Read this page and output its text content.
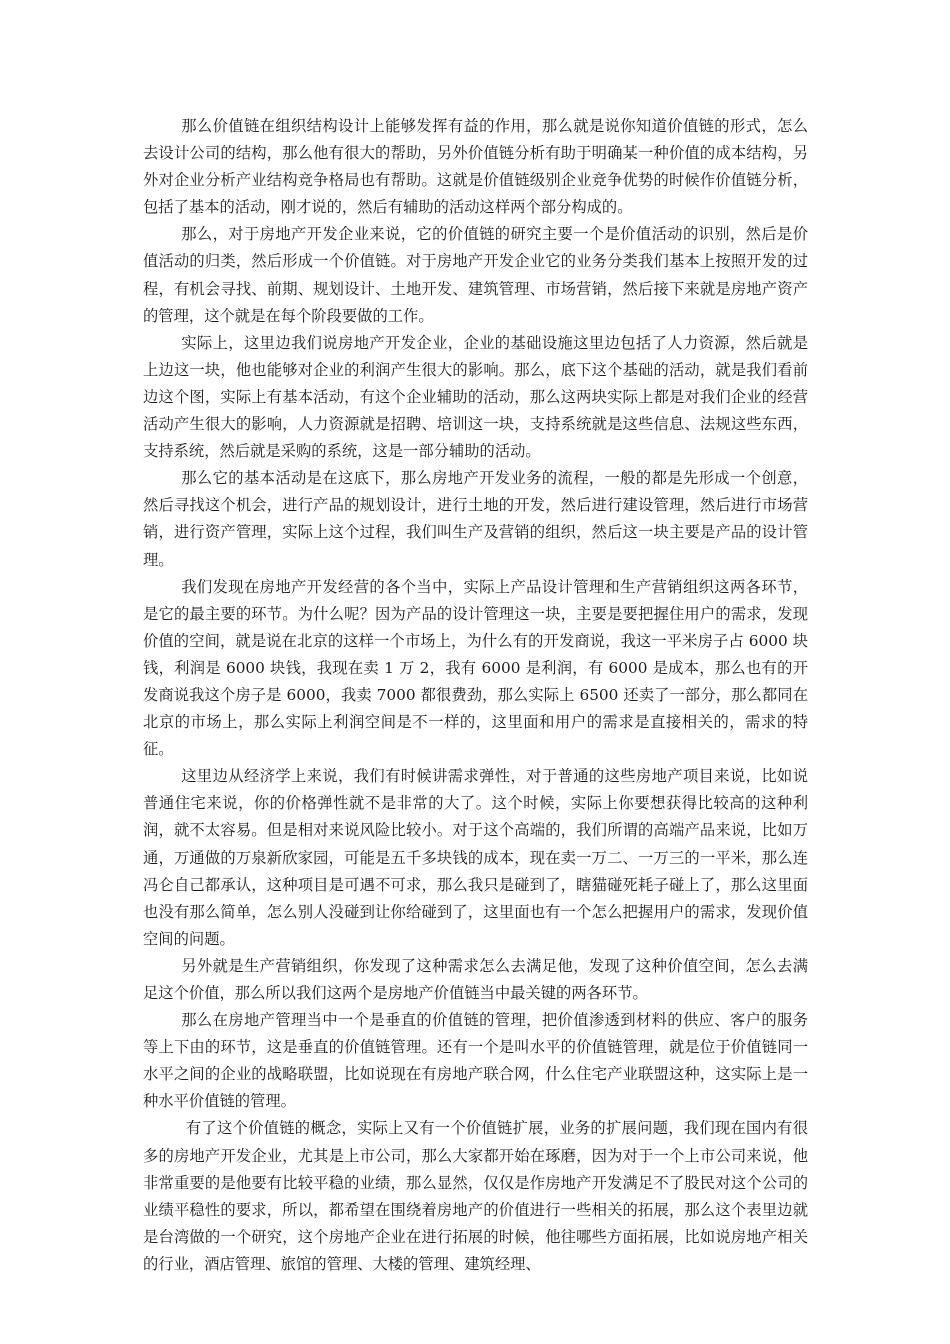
那么价值链在组织结构设计上能够发挥有益的作用，那么就是说你知道价值链的形式，怎么去设计公司的结构，那么他有很大的帮助，另外价值链分析有助于明确某一种价值的成本结构，另外对企业分析产业结构竞争格局也有帮助。这就是价值链级别企业竞争优势的时候作价值链分析，包括了基本的活动，刚才说的，然后有辅助的活动这样两个部分构成的。

那么，对于房地产开发企业来说，它的价值链的研究主要一个是价值活动的识别，然后是价值活动的归类，然后形成一个价值链。对于房地产开发企业它的业务分类我们基本上按照开发的过程，有机会寻找、前期、规划设计、土地开发、建筑管理、市场营销，然后接下来就是房地产资产的管理，这个就是在每个阶段要做的工作。

实际上，这里边我们说房地产开发企业，企业的基础设施这里边包括了人力资源，然后就是上边这一块，他也能够对企业的利润产生很大的影响。那么，底下这个基础的活动，就是我们看前边这个图，实际上有基本活动，有这个企业辅助的活动，那么这两块实际上都是对我们企业的经营活动产生很大的影响，人力资源就是招聘、培训这一块，支持系统就是这些信息、法规这些东西，支持系统，然后就是采购的系统，这是一部分辅助的活动。

那么它的基本活动是在这底下，那么房地产开发业务的流程，一般的都是先形成一个创意，然后寻找这个机会，进行产品的规划设计，进行土地的开发，然后进行建设管理，然后进行市场营销，进行资产管理，实际上这个过程，我们叫生产及营销的组织，然后这一块主要是产品的设计管理。

我们发现在房地产开发经营的各个当中，实际上产品设计管理和生产营销组织这两各环节，是它的最主要的环节。为什么呢？因为产品的设计管理这一块，主要是要把握住用户的需求，发现价值的空间，就是说在北京的这样一个市场上，为什么有的开发商说，我这一平米房子占 6000 块钱，利润是 6000 块钱，我现在卖 1 万 2，我有 6000 是利润，有 6000 是成本，那么也有的开发商说我这个房子是 6000，我卖 7000 都很费劲，那么实际上 6500 还卖了一部分，那么都同在北京的市场上，那么实际上利润空间是不一样的，这里面和用户的需求是直接相关的，需求的特征。

这里边从经济学上来说，我们有时候讲需求弹性，对于普通的这些房地产项目来说，比如说普通住宅来说，你的价格弹性就不是非常的大了。这个时候，实际上你要想获得比较高的这种利润，就不太容易。但是相对来说风险比较小。对于这个高端的，我们所谓的高端产品来说，比如万通，万通做的万泉新欣家园，可能是五千多块钱的成本，现在卖一万二、一万三的一平米，那么连冯仑自己都承认，这种项目是可遇不可求，那么我只是碰到了，瞎猫碰死耗子碰上了，那么这里面也没有那么简单，怎么别人没碰到让你给碰到了，这里面也有一个怎么把握用户的需求，发现价值空间的问题。

另外就是生产营销组织，你发现了这种需求怎么去满足他，发现了这种价值空间，怎么去满足这个价值，那么所以我们这两个是房地产价值链当中最关键的两各环节。

那么在房地产管理当中一个是垂直的价值链的管理，把价值渗透到材料的供应、客户的服务等上下由的环节，这是垂直的价值链管理。还有一个是叫水平的价值链管理，就是位于价值链同一水平之间的企业的战略联盟，比如说现在有房地产联合网，什么住宅产业联盟这种，这实际上是一种水平价值链的管理。

有了这个价值链的概念，实际上又有一个价值链扩展，业务的扩展问题，我们现在国内有很多的房地产开发企业，尤其是上市公司，那么大家都开始在琢磨，因为对于一个上市公司来说，他非常重要的是他要有比较平稳的业绩，那么显然，仅仅是作房地产开发满足不了股民对这个公司的业绩平稳性的要求，所以，都希望在围绕着房地产的价值进行一些相关的拓展，那么这个表里边就是台湾做的一个研究，这个房地产企业在进行拓展的时候，他往哪些方面拓展，比如说房地产相关的行业，酒店管理、旅馆的管理、大楼的管理、建筑经理、
